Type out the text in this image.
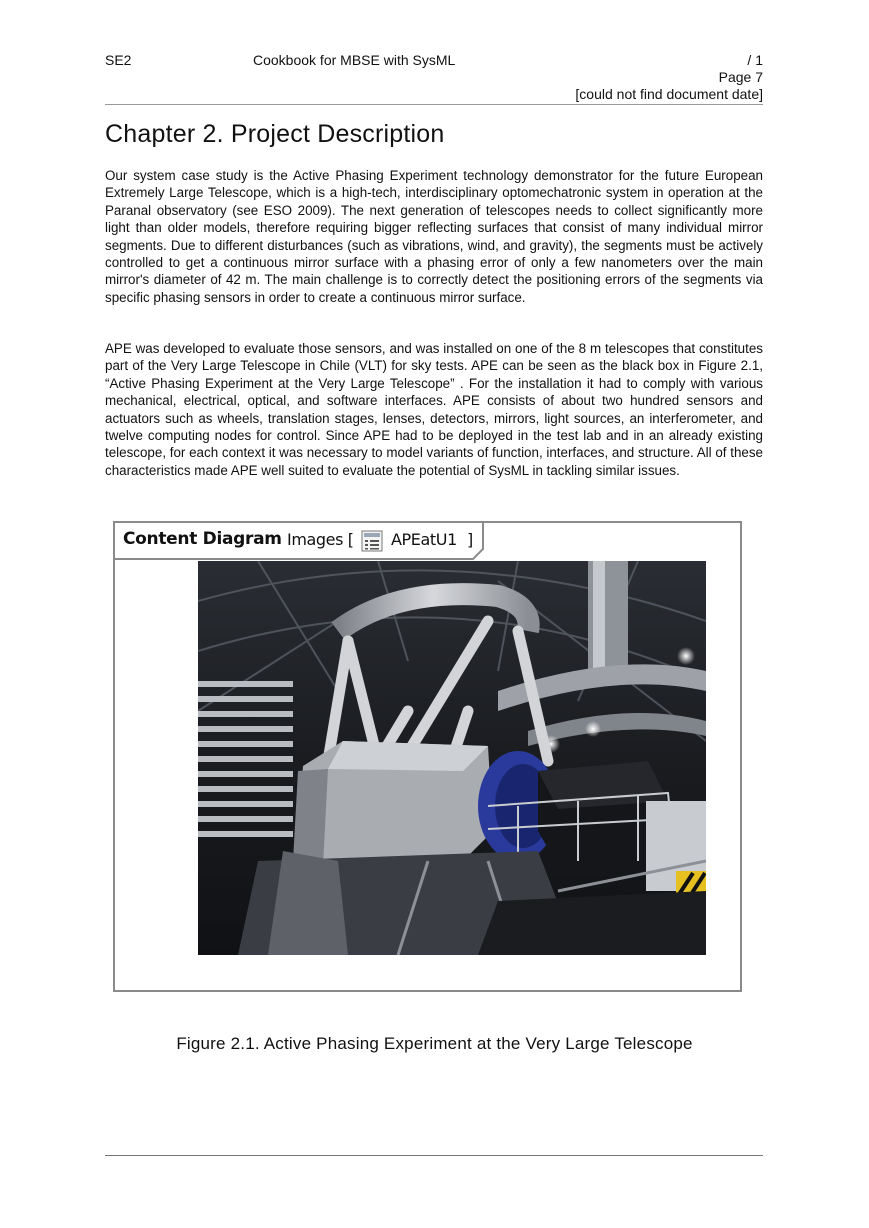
SE2	Cookbook for MBSE with SysML	/ 1
Page 7
[could not find document date]
Chapter 2. Project Description

Our system case study is the Active Phasing Experiment technology demonstrator for the future European Extremely Large Telescope, which is a high-tech, interdisciplinary optomechatronic system in operation at the Paranal observatory (see ESO 2009). The next generation of telescopes needs to collect significantly more light than older models, therefore requiring bigger reflecting surfaces that consist of many individual mirror segments. Due to different disturbances (such as vibrations, wind, and gravity), the segments must be actively controlled to get a continuous mirror surface with a phasing error of only a few nanometers over the main mirror's diameter of 42 m. The main challenge is to correctly detect the positioning errors of the segments via specific phasing sensors in order to create a continuous mirror surface.

APE was developed to evaluate those sensors, and was installed on one of the 8 m telescopes that constitutes part of the Very Large Telescope in Chile (VLT) for sky tests. APE can be seen as the black box in Figure 2.1, “Active Phasing Experiment at the Very Large Telescope” . For the installation it had to comply with various mechanical, electrical, optical, and software interfaces. APE consists of about two hundred sensors and actuators such as wheels, translation stages, lenses, detectors, mirrors, light sources, an interferometer, and twelve computing nodes for control. Since APE had to be deployed in the test lab and in an already existing telescope, for each context it was necessary to model variants of function, interfaces, and structure. All of these characteristics made APE well suited to evaluate the potential of SysML in tackling similar issues.

Content Diagram Images [ APEatU1 ]
Figure 2.1. Active Phasing Experiment at the Very Large Telescope
